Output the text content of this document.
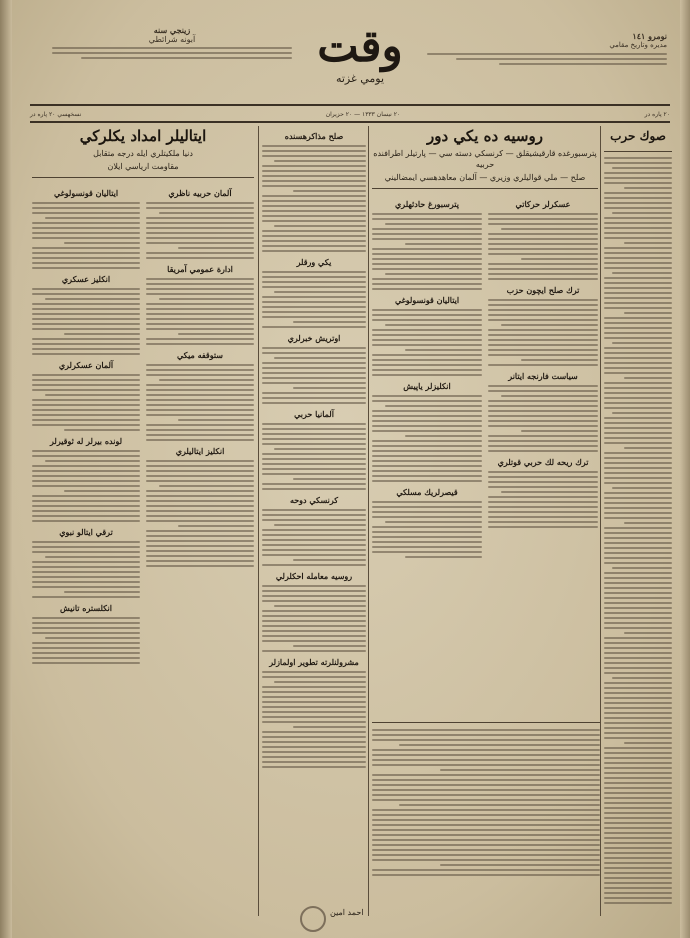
زينجي سنه
آبونه شرائطي	وقت
يومي غزته
نومرو ١٤١
مديره وتاريخ مقامي
٢٠ پاره در
٢٠ نيسان ١٣٣٣ — ٢٠ حزيران
نسخهسي ٢٠ پاره در
صوك حرب
روسيه ده يكي دور
پترسبورغده قارقيشيقلق — كرنسكي دسته سي — پارتيلر اطرافنده حربيه
صلح — ملي قواليلري وزيري — آلمان معاهدهسي ايمضاليني
پترسبورغ حادثهلري
ايتاليان قونسولوغي
انكليزلر ياپيش
قيصرلريك مسلكي
عسكرلر حركاتي
ترك صلح ايچون حزب
سياست فارنجه ايتانر
ترك ريحه لك حربي قوتلري
صلح مذاكرهسنده
يكي ورقلر
اوتريش خبرلري
آلمانيا حربي
كرنسكي دوحه
روسيه معامله احكلرلي
مشرولنلرته تطوير اولمازلر
ايتاليلر امداد يكلركي
دنيا ملكيتلري ايله درجه متقابل
مقاومت ارياسي ايلان
ايتاليان قونسولوغي
انكليز عسكري
آلمان عسكرلري
لونده بيرلر له ثوقيرلر
ترقي ايتالو نبوي
انكلستره تانيش
آلمان حربيه ناظري
ادارة عمومي آمريقا
ستوقفه ميكي
انكليز ايتاليلري
احمد امين
